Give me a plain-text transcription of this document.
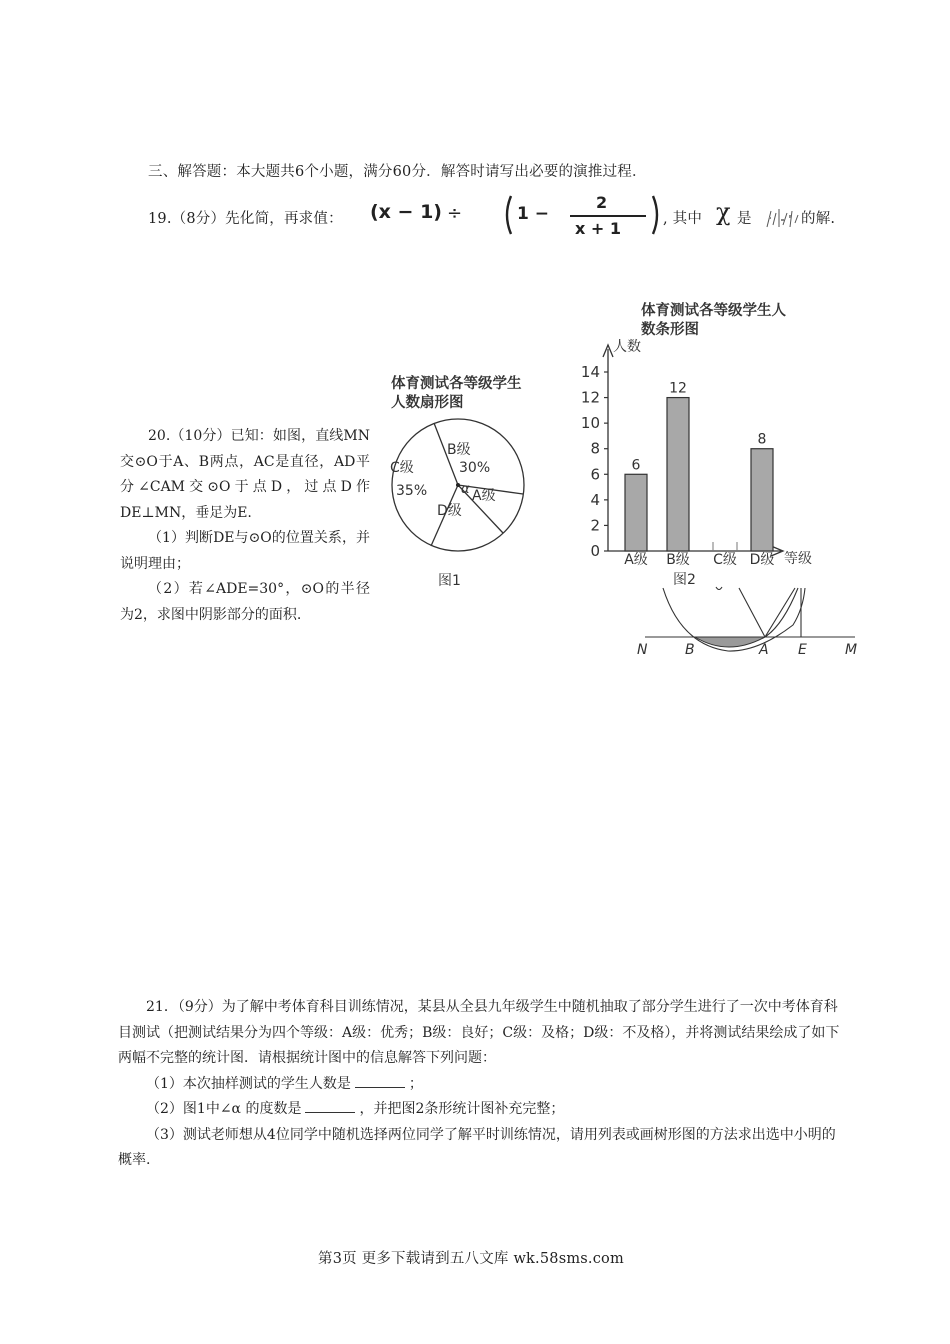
三、解答题：本大题共6个小题，满分60分．解答时请写出必要的演推过程．
19.（8分）先化简，再求值： (x − 1) ÷	1 −
2
x + 1	, 其中 χ 是	的解.

20.（10分）已知：如图，直线MN交⊙O于A、B两点，AC是直径，AD平分∠CAM交⊙O于点D，过点D作DE⊥MN，垂足为E.

（1）判断DE与⊙O的位置关系，并说明理由；

（2）若∠ADE=30°，⊙O的半径为2，求图中阴影部分的面积.

体育测试各等级学生
人数扇形图
B级
30%
C级
35%	α A级
D级
图1
体育测试各等级学生人
数条形图
人数
等级
图2
0
2
4
6
8
10
12
14
6
A级
12
B级 C级
8
D级
N	B	A E	M

21．（9分）为了解中考体育科目训练情况，某县从全县九年级学生中随机抽取了部分学生进行了一次中考体育科目测试（把测试结果分为四个等级：A级：优秀；B级：良好；C级：及格；D级：不及格），并将测试结果绘成了如下两幅不完整的统计图．请根据统计图中的信息解答下列问题：

（1）本次抽样测试的学生人数是	；

（2）图1中∠α 的度数是	，并把图2条形统计图补充完整；

（3）测试老师想从4位同学中随机选择两位同学了解平时训练情况，请用列表或画树形图的方法求出选中小明的概率.

第3页 更多下载请到五八文库 wk.58sms.com
